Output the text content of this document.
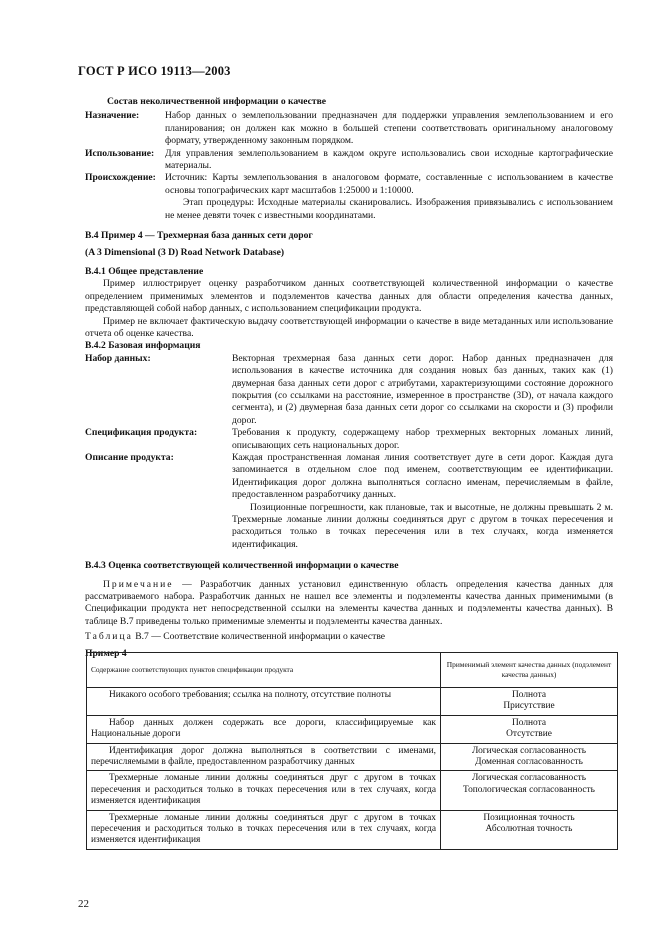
ГОСТ Р ИСО 19113—2003

Состав неколичественной информации о качестве

Назначение:	Набор данных о землепользовании предназначен для поддержки управления землепользованием и его планирования; он должен как можно в большей степени соответствовать оригинальному аналоговому формату, утвержденному законным порядком.
Использование:	Для управления землепользованием в каждом округе использовались свои исходные картографические материалы.
Происхождение: Источник: Карты землепользования в аналоговом формате, составленные с использованием в качестве основы топографических карт масштабов 1:25000 и 1:10000.
Этап процедуры: Исходные материалы сканировались. Изображения привязывались с использованием не менее девяти точек с известными координатами.

В.4 Пример 4 — Трехмерная база данных сети дорог

(A 3 Dimensional (3 D) Road Network Database)

В.4.1 Общее представление

Пример иллюстрирует оценку разработчиком данных соответствующей количественной информации о качестве определением применимых элементов и подэлементов качества данных для области определения качества данных, представляющей собой набор данных, с использованием спецификации продукта.

Пример не включает фактическую выдачу соответствующей информации о качестве в виде метаданных или использование отчета об оценке качества.

В.4.2 Базовая информация

Набор данных:	Векторная трехмерная база данных сети дорог. Набор данных предназначен для использования в качестве источника для создания новых баз данных, таких как (1) двумерная база данных сети дорог с атрибутами, характеризующими состояние дорожного покрытия (со ссылками на расстояние, измеренное в пространстве (3D), от начала каждого сегмента), и (2) двумерная база данных сети дорог со ссылками на скорости и (3) профили дорог.
Спецификация продукта:	Требования к продукту, содержащему набор трехмерных векторных ломаных линий, описывающих сеть национальных дорог.
Описание продукта:	Каждая пространственная ломаная линия соответствует дуге в сети дорог. Каждая дуга запоминается в отдельном слое под именем, соответствующим ее идентификации. Идентификация дорог должна выполняться согласно именам, перечисляемым в файле, предоставленном разработчику данных.
Позиционные погрешности, как плановые, так и высотные, не должны превышать 2 м. Трехмерные ломаные линии должны соединяться друг с другом в точках пересечения и расходиться только в точках пересечения или в тех случаях, когда изменяется идентификация.

В.4.3 Оценка соответствующей количественной информации о качестве

Примечание — Разработчик данных установил единственную область определения качества данных для рассматриваемого набора. Разработчик данных не нашел все элементы и подэлементы качества данных применимыми (в Спецификации продукта нет непосредственной ссылки на элементы качества данных и подэлементы качества данных). В таблице В.7 приведены только применимые элементы и подэлементы качества данных.

Таблица В.7 — Соответствие количественной информации о качестве

Пример 4

Содержание соответствующих пунктов спецификации продукта	Применимый элемент качества данных (подэлемент качества данных)
Никакого особого требования; ссылка на полноту, отсутствие полноты	Полнота
Присутствие

Набор данных должен содержать все дороги, классифицируемые как Национальные дороги	Полнота
Отсутствие

Идентификация дорог должна выполняться в соответствии с именами, перечисляемыми в файле, предоставленном разработчику данных	Логическая согласованность
Доменная согласованность

Трехмерные ломаные линии должны соединяться друг с другом в точках пересечения и расходиться только в точках пересечения или в тех случаях, когда изменяется идентификация	Логическая согласованность
Топологическая согласованность

Трехмерные ломаные линии должны соединяться друг с другом в точках пересечения и расходиться только в точках пересечения или в тех случаях, когда изменяется идентификация	Позиционная точность
Абсолютная точность
22
